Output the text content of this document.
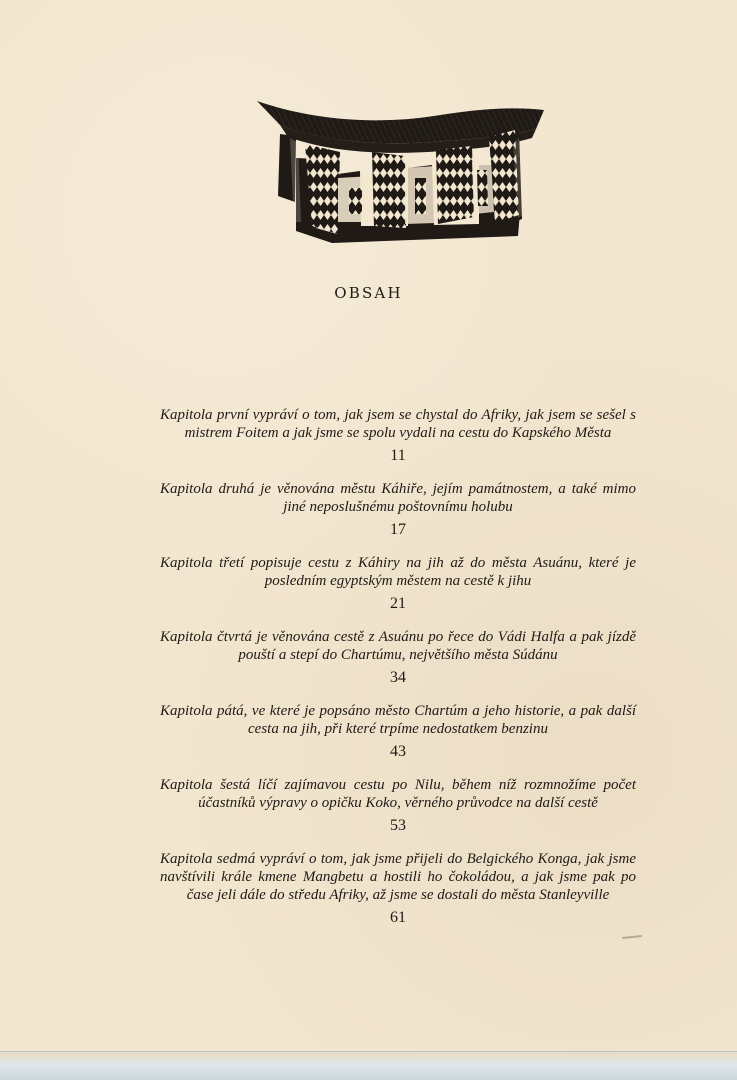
OBSAH
Kapitola první vypráví o tom, jak jsem se chystal do Afriky, jak jsem se sešel s mistrem Foitem a jak jsme se spolu vydali na cestu do Kapského Města
11
Kapitola druhá je věnována městu Káhiře, jejím památnostem, a také mimo jiné neposlušnému poštovnímu holubu
17
Kapitola třetí popisuje cestu z Káhiry na jih až do města Asuánu, které je posledním egyptským městem na cestě k jihu
21
Kapitola čtvrtá je věnována cestě z Asuánu po řece do Vádi Halfa a pak jízdě pouští a stepí do Chartúmu, největšího města Súdánu
34
Kapitola pátá, ve které je popsáno město Chartúm a jeho historie, a pak další cesta na jih, při které trpíme nedostatkem benzinu
43
Kapitola šestá líčí zajímavou cestu po Nilu, během níž rozmnožíme počet účastníků výpravy o opičku Koko, věrného průvodce na další cestě
53
Kapitola sedmá vypráví o tom, jak jsme přijeli do Belgického Konga, jak jsme navštívili krále kmene Mangbetu a hostili ho čokoládou, a jak jsme pak po čase jeli dále do středu Afriky, až jsme se dostali do města Stanleyville
61
